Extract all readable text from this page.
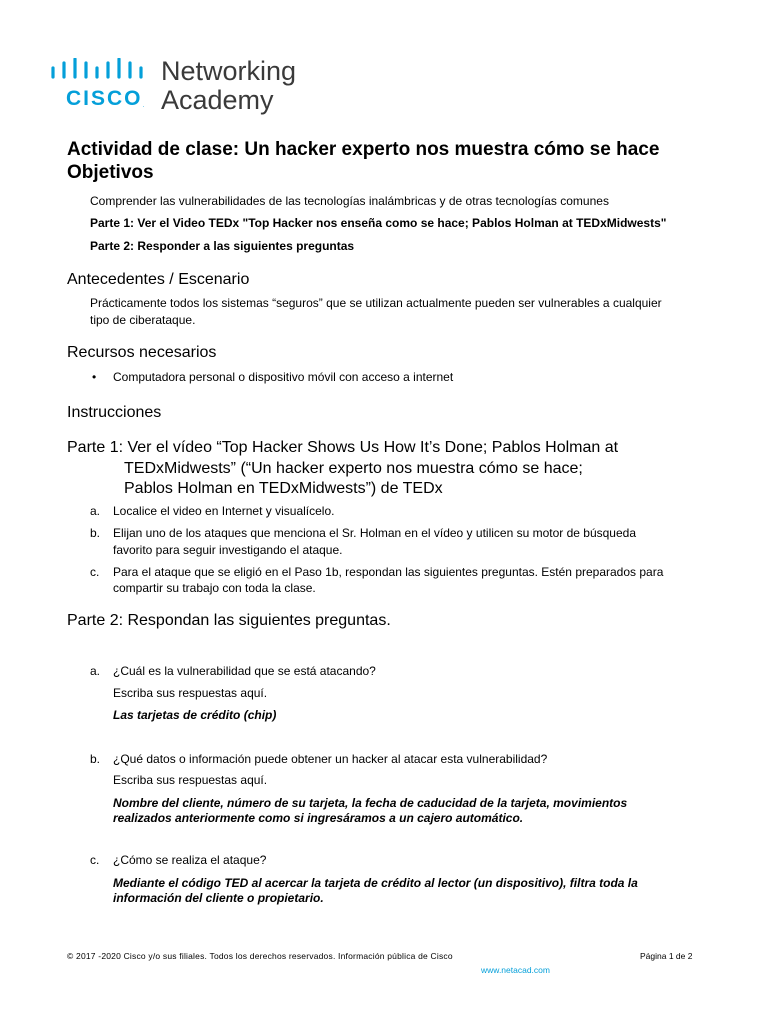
CISCO.
Networking
Academy
Actividad de clase: Un hacker experto nos muestra cómo se hace
Objetivos
Comprender las vulnerabilidades de las tecnologías inalámbricas y de otras tecnologías comunes
Parte 1: Ver el Video TEDx "Top Hacker nos enseña como se hace; Pablos Holman at TEDxMidwests"
Parte 2: Responder a las siguientes preguntas
Antecedentes / Escenario
Prácticamente todos los sistemas “seguros” que se utilizan actualmente pueden ser vulnerables a cualquier
tipo de ciberataque.
Recursos necesarios
• Computadora personal o dispositivo móvil con acceso a internet
Instrucciones
Parte 1: Ver el vídeo “Top Hacker Shows Us How It’s Done; Pablos Holman at
TEDxMidwests” (“Un hacker experto nos muestra cómo se hace;
Pablos Holman en TEDxMidwests”) de TEDx
a. Localice el video en Internet y visualícelo.
b. Elijan uno de los ataques que menciona el Sr. Holman en el vídeo y utilicen su motor de búsqueda
favorito para seguir investigando el ataque.
c. Para el ataque que se eligió en el Paso 1b, respondan las siguientes preguntas. Estén preparados para
compartir su trabajo con toda la clase.
Parte 2: Respondan las siguientes preguntas.
a. ¿Cuál es la vulnerabilidad que se está atacando?
Escriba sus respuestas aquí.
Las tarjetas de crédito (chip)
b. ¿Qué datos o información puede obtener un hacker al atacar esta vulnerabilidad?
Escriba sus respuestas aquí.
Nombre del cliente, número de su tarjeta, la fecha de caducidad de la tarjeta, movimientos
realizados anteriormente como si ingresáramos a un cajero automático.
c. ¿Cómo se realiza el ataque?
Mediante el código TED al acercar la tarjeta de crédito al lector (un dispositivo), filtra toda la
información del cliente o propietario.
© 2017 -2020 Cisco y/o sus filiales. Todos los derechos reservados. Información pública de Cisco	Página 1 de 2
www.netacad.com
